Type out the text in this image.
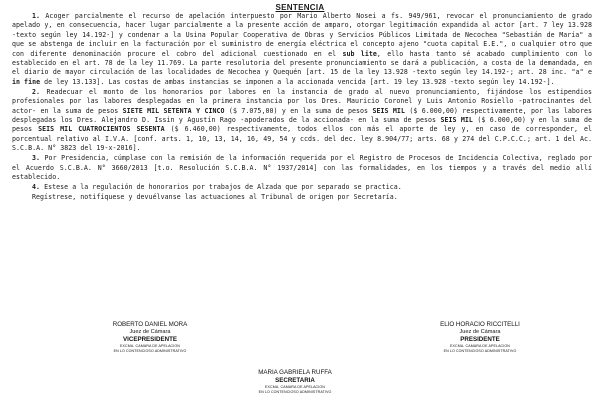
SENTENCIA

1. Acoger parcialmente el recurso de apelación interpuesto por Mario Alberto Nosei a fs. 949/961, revocar el pronunciamiento de grado apelado y, en consecuencia, hacer lugar parcialmente a la presente acción de amparo, otorgar legitimación expandida al actor [art. 7 ley 13.928 -texto según ley 14.192-] y condenar a la Usina Popular Cooperativa de Obras y Servicios Públicos Limitada de Necochea "Sebastián de María" a que se abstenga de incluir en la facturación por el suministro de energía eléctrica el concepto ajeno "cuota capital E.E.", o cualquier otro que con diferente denominación procure el cobro del adicional cuestionado en el sub lite, ello hasta tanto sé acabado cumplimiento con lo establecido en el art. 78 de la ley 11.769. La parte resolutoria del presente pronunciamiento se dará a publicación, a costa de la demandada, en el diario de mayor circulación de las localidades de Necochea y Quequén [art. 15 de la ley 13.928 -texto según ley 14.192-; art. 28 inc. "a" e in fine de ley 13.133]. Las costas de ambas instancias se imponen a la accionada vencida [art. 19 ley 13.928 -texto según ley 14.192-].

2. Readecuar el monto de los honorarios por labores en la instancia de grado al nuevo pronunciamiento, fijándose los estipendios profesionales por las labores desplegadas en la primera instancia por los Dres. Mauricio Coronel y Luis Antonio Rosiello -patrocinantes del actor- en la suma de pesos SIETE MIL SETENTA Y CINCO ($ 7.075,00) y en la suma de pesos SEIS MIL ($ 6.000,00) respectivamente, por las labores desplegadas los Dres. Alejandro D. Issin y Agustín Rago -apoderados de la accionada- en la suma de pesos SEIS MIL ($ 6.000,00) y en la suma de pesos SEIS MIL CUATROCIENTOS SESENTA ($ 6.460,00) respectivamente, todos ellos con más el aporte de ley y, en caso de corresponder, el porcentual relativo al I.V.A. [conf. arts. 1, 10, 13, 14, 16, 49, 54 y ccds. del dec. ley 8.904/77; arts. 68 y 274 del C.P.C.C.; art. 1 del Ac. S.C.B.A. N° 3823 del 19-x-2016].

3. Por Presidencia, cúmplase con la remisión de la información requerida por el Registro de Procesos de Incidencia Colectiva, reglado por el Acuerdo S.C.B.A. N° 3660/2013 [t.o. Resolución S.C.B.A. N° 1937/2014] con las formalidades, en los tiempos y a través del medio allí establecido.

4. Estese a la regulación de honorarios por trabajos de Alzada que por separado se practica.

Regístrese, notifíquese y devuélvanse las actuaciones al Tribunal de origen por Secretaría.

ROBERTO DANIEL MORA
Juez de Cámara
VICEPRESIDENTE
EXCMA. CAMARA DE APELACION
EN LO CONTENCIOSO ADMINISTRATIVO
ELIO HORACIO RICCITELLI
Juez de Cámara
PRESIDENTE
EXCMA. CAMARA DE APELACION
EN LO CONTENCIOSO ADMINISTRATIVO
MARIA GABRIELA RUFFA
SECRETARIA
EXCMA. CAMARA DE APELACION
EN LO CONTENCIOSO ADMINISTRATIVO
